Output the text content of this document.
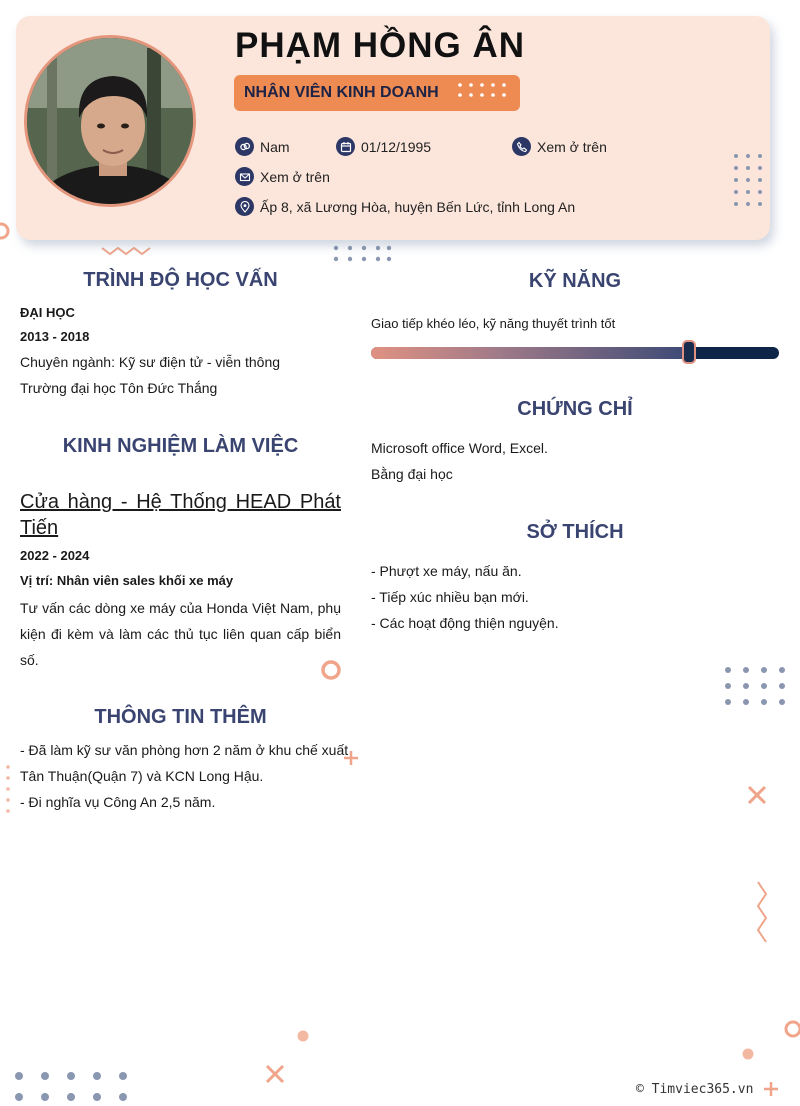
PHẠM HỒNG ÂN
NHÂN VIÊN KINH DOANH
Nam	01/12/1995	Xem ở trên
Xem ở trên
Ấp 8, xã Lương Hòa, huyện Bến Lức, tỉnh Long An
TRÌNH ĐỘ HỌC VẤN
ĐẠI HỌC
2013 - 2018
Chuyên ngành: Kỹ sư điện tử - viễn thông
Trường đại học Tôn Đức Thắng
KINH NGHIỆM LÀM VIỆC
Cửa hàng - Hệ Thống HEAD Phát Tiến
2022 - 2024
Vị trí: Nhân viên sales khối xe máy
Tư vấn các dòng xe máy của Honda Việt Nam, phụ kiện đi kèm và làm các thủ tục liên quan cấp biển số.
THÔNG TIN THÊM
- Đã làm kỹ sư văn phòng hơn 2 năm ở khu chế xuất
Tân Thuận(Quận 7) và KCN Long Hậu.
- Đi nghĩa vụ Công An 2,5 năm.
KỸ NĂNG
Giao tiếp khéo léo, kỹ năng thuyết trình tốt
CHỨNG CHỈ
Microsoft office Word, Excel.
Bằng đại học
SỞ THÍCH
- Phượt xe máy, nấu ăn.
- Tiếp xúc nhiều bạn mới.
- Các hoạt động thiện nguyện.
© Timviec365.vn
